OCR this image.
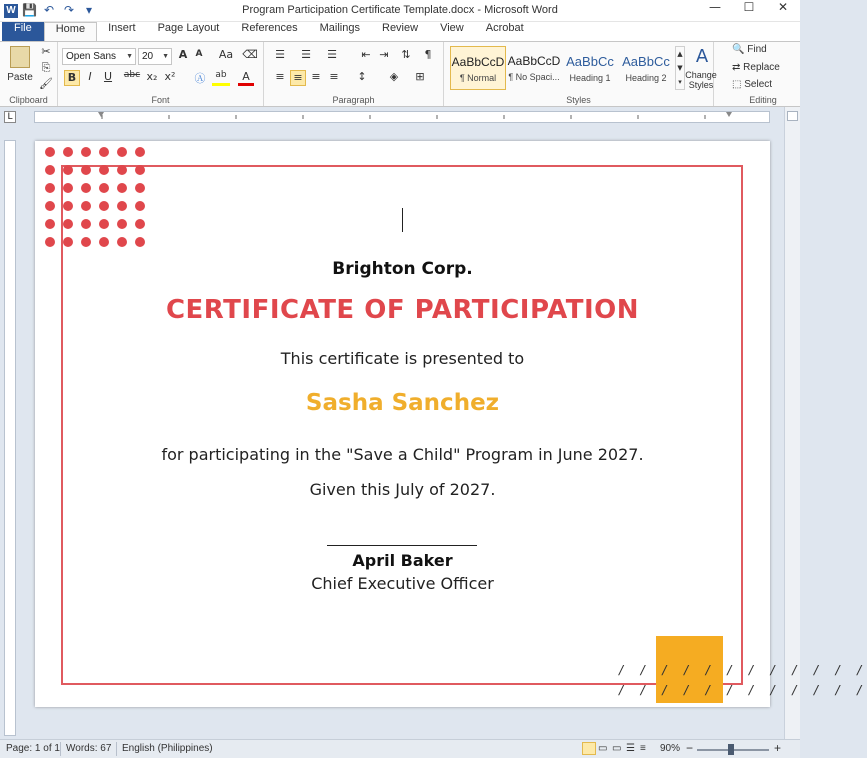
W 💾 ↶ ↷ ▾	Program Participation Certificate Template.docx - Microsoft Word	—	☐	✕
File	Home	Insert	Page Layout	References	Mailings	Review	View	Acrobat
Paste
✂
⎘
🖌
Clipboard
Open Sans ▼ 20 ▼ A A	Aa ⌫
B	I	U	abc x₂ x² Ⓐ	ab	A
Font
☰ ☰ ☰	⇤ ⇥	⇅	¶
≡ ≡ ≡ ≡	↕	◈	⊞
Paragraph
AaBbCcD
¶ Normal
AaBbCcD
¶ No Spaci...
AaBbCc
Heading 1
AaBbCc
Heading 2
▲
▼
▾
A
Change Styles
Styles
🔍 Find
⇄ Replace
⬚ Select
Editing
L
Brighton Corp.
CERTIFICATE OF PARTICIPATION
This certificate is presented to
Sasha Sanchez
for participating in the "Save a Child" Program in June 2027.
Given this July of 2027.
April Baker
Chief Executive Officer
/ / / / / / / / / / / /
/ / / / / / / / / / / /
Page: 1 of 1 Words: 67 English (Philippines)	▭ ▭ ☰ ≡ 90% −	+
